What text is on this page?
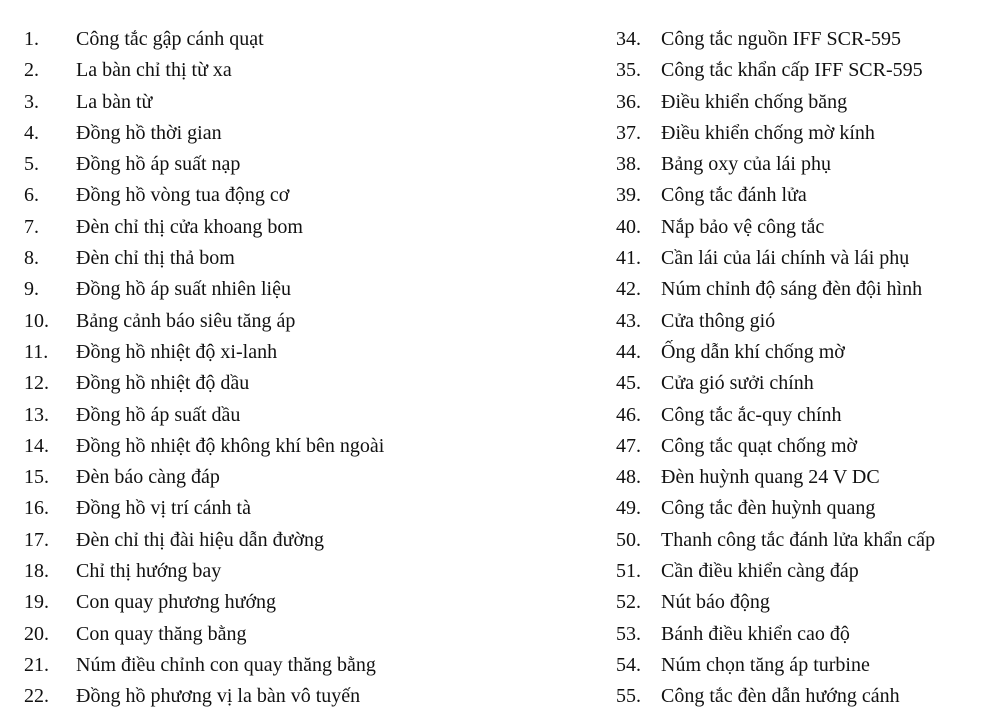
1.	Công tắc gập cánh quạt
2.	La bàn chỉ thị từ xa
3.	La bàn từ
4.	Đồng hồ thời gian
5.	Đồng hồ áp suất nạp
6.	Đồng hồ vòng tua động cơ
7.	Đèn chỉ thị cửa khoang bom
8.	Đèn chỉ thị thả bom
9.	Đồng hồ áp suất nhiên liệu
10.	Bảng cảnh báo siêu tăng áp
11.	Đồng hồ nhiệt độ xi-lanh
12.	Đồng hồ nhiệt độ dầu
13.	Đồng hồ áp suất dầu
14.	Đồng hồ nhiệt độ không khí bên ngoài
15.	Đèn báo càng đáp
16.	Đồng hồ vị trí cánh tà
17.	Đèn chỉ thị đài hiệu dẫn đường
18.	Chỉ thị hướng bay
19.	Con quay phương hướng
20.	Con quay thăng bằng
21.	Núm điều chỉnh con quay thăng bằng
22.	Đồng hồ phương vị la bàn vô tuyến
34.	Công tắc nguồn IFF SCR-595
35.	Công tắc khẩn cấp IFF SCR-595
36.	Điều khiển chống băng
37.	Điều khiển chống mờ kính
38.	Bảng oxy của lái phụ
39.	Công tắc đánh lửa
40.	Nắp bảo vệ công tắc
41.	Cần lái của lái chính và lái phụ
42.	Núm chỉnh độ sáng đèn đội hình
43.	Cửa thông gió
44.	Ống dẫn khí chống mờ
45.	Cửa gió sưởi chính
46.	Công tắc ắc-quy chính
47.	Công tắc quạt chống mờ
48.	Đèn huỳnh quang 24 V DC
49.	Công tắc đèn huỳnh quang
50.	Thanh công tắc đánh lửa khẩn cấp
51.	Cần điều khiển càng đáp
52.	Nút báo động
53.	Bánh điều khiển cao độ
54.	Núm chọn tăng áp turbine
55.	Công tắc đèn dẫn hướng cánh
